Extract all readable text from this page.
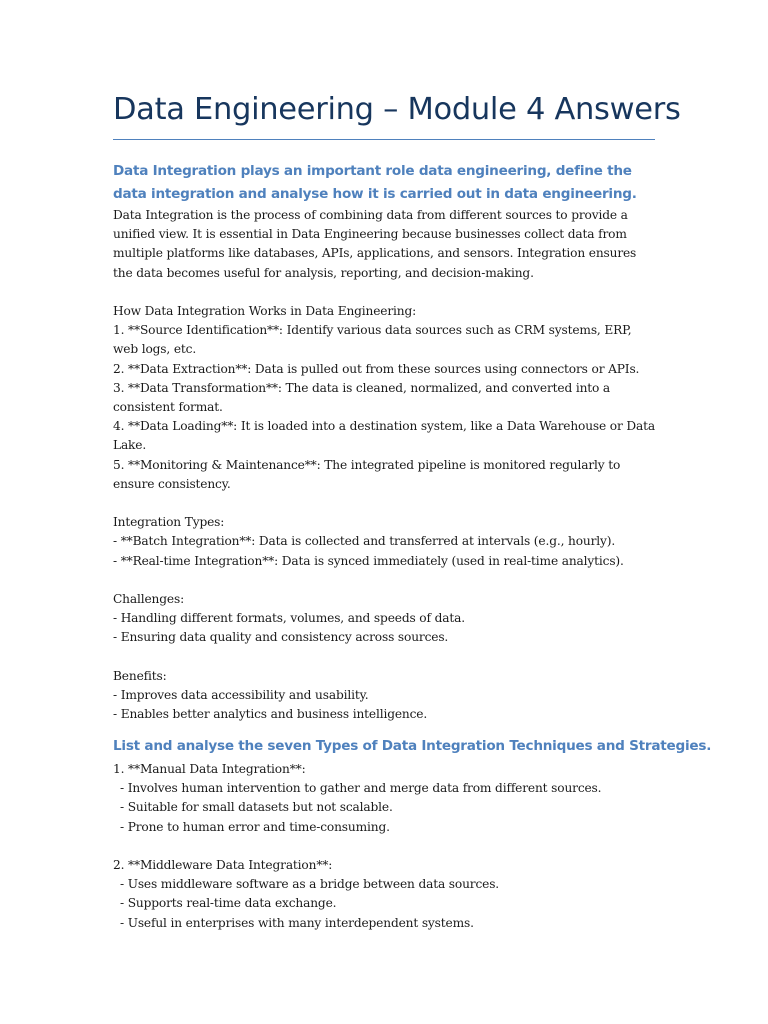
Data Engineering – Module 4 Answers
Data Integration plays an important role data engineering, define the data integration and analyse how it is carried out in data engineering.

Data Integration is the process of combining data from different sources to provide a unified view. It is essential in Data Engineering because businesses collect data from multiple platforms like databases, APIs, applications, and sensors. Integration ensures the data becomes useful for analysis, reporting, and decision-making.

How Data Integration Works in Data Engineering:

1. **Source Identification**: Identify various data sources such as CRM systems, ERP, web logs, etc.

2. **Data Extraction**: Data is pulled out from these sources using connectors or APIs.

3. **Data Transformation**: The data is cleaned, normalized, and converted into a consistent format.

4. **Data Loading**: It is loaded into a destination system, like a Data Warehouse or Data Lake.

5. **Monitoring & Maintenance**: The integrated pipeline is monitored regularly to ensure consistency.

Integration Types:

- **Batch Integration**: Data is collected and transferred at intervals (e.g., hourly).

- **Real-time Integration**: Data is synced immediately (used in real-time analytics).

Challenges:

- Handling different formats, volumes, and speeds of data.

- Ensuring data quality and consistency across sources.

Benefits:

- Improves data accessibility and usability.

- Enables better analytics and business intelligence.

List and analyse the seven Types of Data Integration Techniques and Strategies.

1. **Manual Data Integration**:

- Involves human intervention to gather and merge data from different sources.

- Suitable for small datasets but not scalable.

- Prone to human error and time-consuming.

2. **Middleware Data Integration**:

- Uses middleware software as a bridge between data sources.

- Supports real-time data exchange.

- Useful in enterprises with many interdependent systems.
